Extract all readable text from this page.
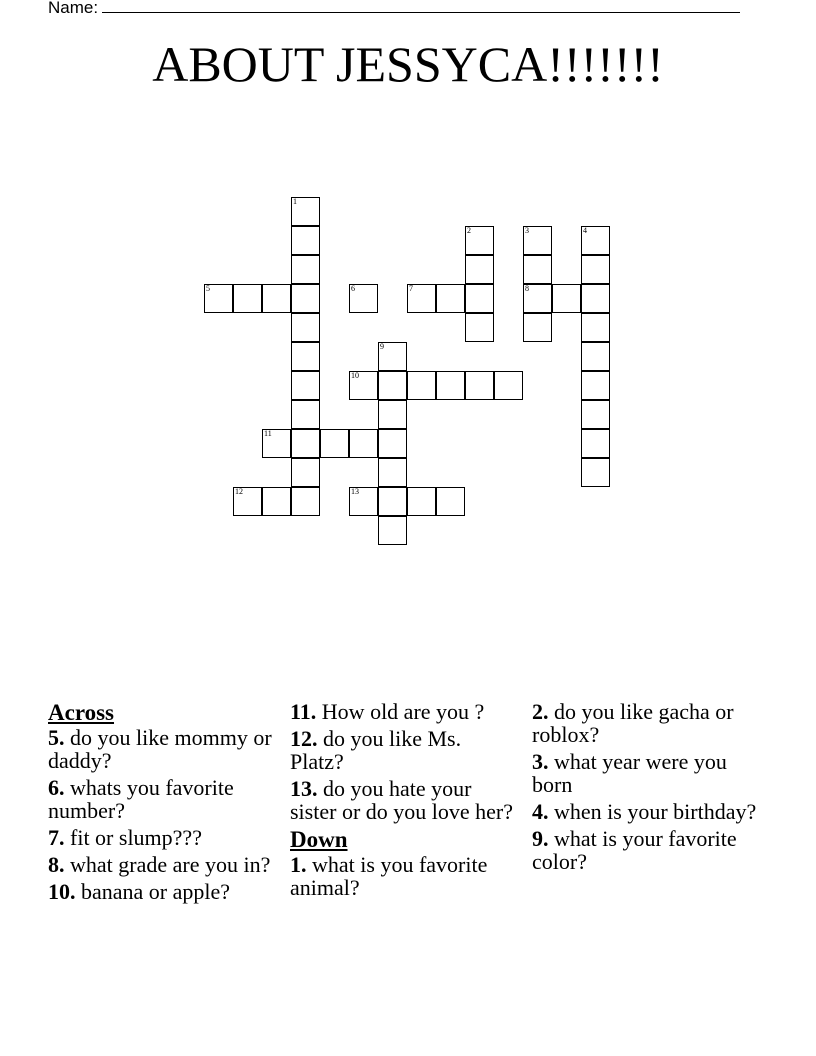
Name:
ABOUT JESSYCA!!!!!!!
1
2	3
8
4
5	6	7
9
10
11
12	13
Across
5. do you like mommy or daddy?
6. whats you favorite number?
7. fit or slump???
8. what grade are you in?
10. banana or apple?
11. How old are you ?
12. do you like Ms. Platz?
13. do you hate your sister or do you love her?
Down
1. what is you favorite animal?
2. do you like gacha or roblox?
3. what year were you born
4. when is your birthday?
9. what is your favorite color?
